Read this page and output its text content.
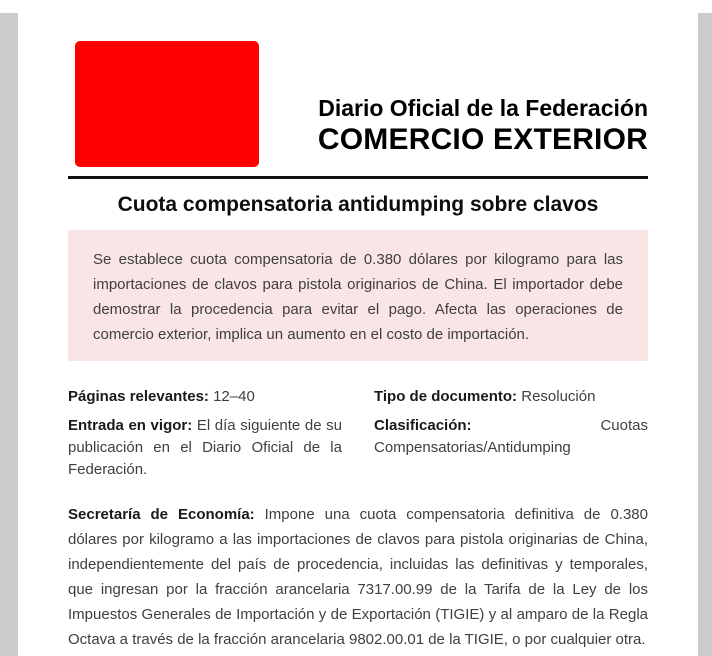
Diario Oficial de la Federación
COMERCIO EXTERIOR
Cuota compensatoria antidumping sobre clavos
Se establece cuota compensatoria de 0.380 dólares por kilogramo para las importaciones de clavos para pistola originarios de China. El importador debe demostrar la procedencia para evitar el pago. Afecta las operaciones de comercio exterior, implica un aumento en el costo de importación.

Páginas relevantes: 12–40	Tipo de documento: Resolución

Entrada en vigor: El día siguiente de su publicación en el Diario Oficial de la Federación.

Clasificación:	Cuotas Compensatorias/Antidumping

Secretaría de Economía: Impone una cuota compensatoria definitiva de 0.380 dólares por kilogramo a las importaciones de clavos para pistola originarias de China, independientemente del país de procedencia, incluidas las definitivas y temporales, que ingresan por la fracción arancelaria 7317.00.99 de la Tarifa de la Ley de los Impuestos Generales de Importación y de Exportación (TIGIE) y al amparo de la Regla Octava a través de la fracción arancelaria 9802.00.01 de la TIGIE, o por cualquier otra.
